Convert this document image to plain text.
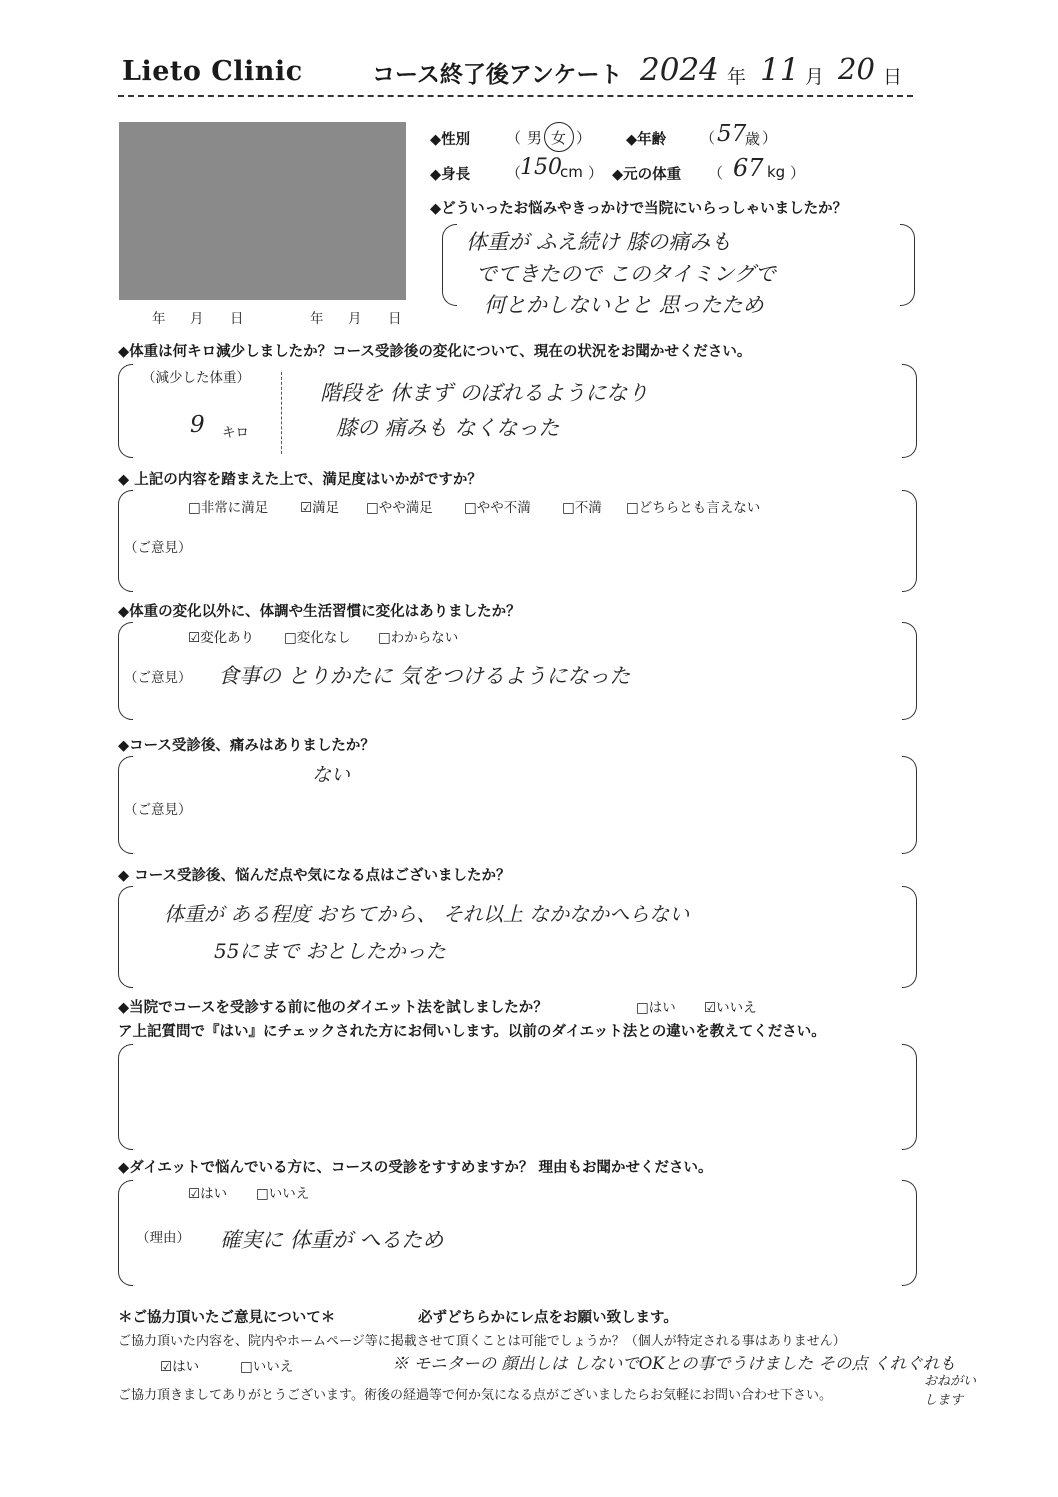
Lieto Clinic	コース終了後アンケート 2024 年 11 月 20 日
年 月 日	年 月 日
◆性別 （ 男 女 ） ◆年齢 （ 57
歳 ）
◆身長 （
150
cm ） ◆元の体重 （ 67 kg ）
◆どういったお悩みやきっかけで当院にいらっしゃいましたか？
体重が ふえ続け 膝の痛みも
でてきたので このタイミングで
何とかしないとと 思ったため
◆体重は何キロ減少しましたか？コース受診後の変化について、現在の状況をお聞かせください。
（減少した体重）
9 キロ
階段を 休まず のぼれるようになり
膝の 痛みも なくなった
◆ 上記の内容を踏まえた上で、満足度はいかがですか？
□非常に満足 ☑満足 □やや満足 □やや不満 □不満 □どちらとも言えない
（ご意見）
◆体重の変化以外に、体調や生活習慣に変化はありましたか？
☑変化あり □変化なし □わからない
（ご意見） 食事の とりかたに 気をつけるようになった
◆コース受診後、痛みはありましたか？
ない
（ご意見）
◆ コース受診後、悩んだ点や気になる点はございましたか？
体重が ある程度 おちてから、 それ以上 なかなかへらない
55にまで おとしたかった
◆当院でコースを受診する前に他のダイエット法を試しましたか？	□はい ☑いいえ
ア上記質問で『はい』にチェックされた方にお伺いします。以前のダイエット法との違いを教えてください。
◆ダイエットで悩んでいる方に、コースの受診をすすめますか？ 理由もお聞かせください。
☑はい □いいえ
（理由） 確実に 体重が へるため
＊ご協力頂いたご意見について＊	必ずどちらかにレ点をお願い致します。
ご協力頂いた内容を、院内やホームページ等に掲載させて頂くことは可能でしょうか？（個人が特定される事はありません）
☑はい	□いいえ	※ モニターの 顔出しは しないでOKとの事でうけました その点 くれぐれも
おねがい
します
ご協力頂きましてありがとうございます。術後の経過等で何か気になる点がございましたらお気軽にお問い合わせ下さい。
